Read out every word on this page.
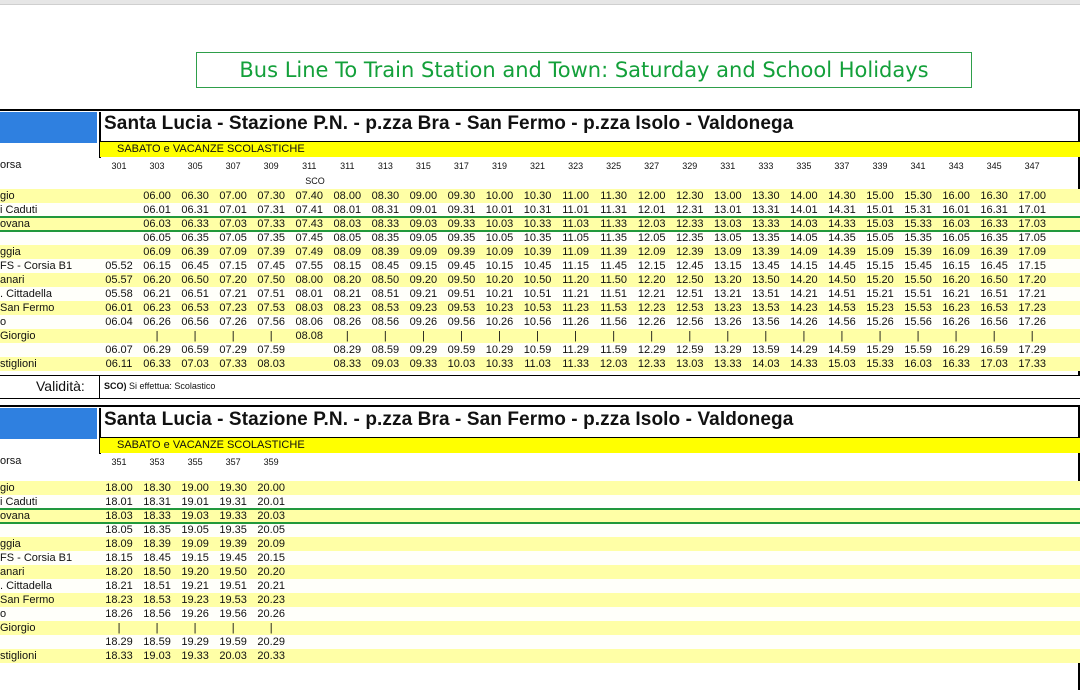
Bus Line To Train Station and Town: Saturday and School Holidays
Santa Lucia - Stazione P.N. - p.zza Bra - San Fermo - p.zza Isolo - Valdonega
SABATO e VACANZE SCOLASTICHE
orsa
SCO
301	303	305	307	309	311	311	313	315	317	319	321	323	325	327	329	331	333	335	337	339	341	343	345	347
gio	06.00 06.30 07.00 07.30 07.40 08.00 08.30 09.00 09.30 10.00 10.30 11.00	11.30 12.00 12.30 13.00 13.30 14.00 14.30 15.00 15.30 16.00 16.30 17.00
i Caduti	06.01 06.31 07.01 07.31 07.41 08.01 08.31 09.01 09.31 10.01 10.31 11.01	11.31 12.01 12.31 13.01 13.31 14.01 14.31 15.01 15.31 16.01 16.31 17.01
ovana	06.03 06.33 07.03 07.33 07.43 08.03 08.33 09.03 09.33 10.03 10.33 11.03	11.33 12.03 12.33 13.03 13.33 14.03 14.33 15.03 15.33 16.03 16.33 17.03
06.05 06.35 07.05 07.35 07.45 08.05 08.35 09.05 09.35 10.05 10.35 11.05	11.35 12.05 12.35 13.05 13.35 14.05 14.35 15.05 15.35 16.05 16.35 17.05
ggia	06.09 06.39 07.09 07.39 07.49 08.09 08.39 09.09 09.39 10.09 10.39 11.09	11.39 12.09 12.39 13.09 13.39 14.09 14.39 15.09 15.39 16.09 16.39 17.09
FS - Corsia B1	05.52 06.15 06.45 07.15 07.45 07.55 08.15 08.45 09.15 09.45 10.15 10.45 11.15	11.45 12.15 12.45 13.15 13.45 14.15 14.45 15.15 15.45 16.15 16.45 17.15
anari	05.57 06.20 06.50 07.20 07.50 08.00 08.20 08.50 09.20 09.50 10.20 10.50 11.20	11.50 12.20 12.50 13.20 13.50 14.20 14.50 15.20 15.50 16.20 16.50 17.20
. Cittadella	05.58 06.21 06.51 07.21 07.51 08.01 08.21 08.51 09.21 09.51 10.21 10.51 11.21	11.51 12.21 12.51 13.21 13.51 14.21 14.51 15.21 15.51 16.21 16.51 17.21
San Fermo	06.01 06.23 06.53 07.23 07.53 08.03 08.23 08.53 09.23 09.53 10.23 10.53 11.23	11.53 12.23 12.53 13.23 13.53 14.23 14.53 15.23 15.53 16.23 16.53 17.23
o	06.04 06.26 06.56 07.26 07.56 08.06 08.26 08.56 09.26 09.56 10.26 10.56 11.26	11.56 12.26 12.56 13.26 13.56 14.26 14.56 15.26 15.56 16.26 16.56 17.26
Giorgio	|	|	|	|	08.08	|	|	|	|	|	|	|	|	|	|	|	|	|	|	|	|	|	|	|
06.07 06.29 06.59 07.29 07.59	08.29 08.59 09.29 09.59 10.29 10.59 11.29	11.59 12.29 12.59 13.29 13.59 14.29 14.59 15.29 15.59 16.29 16.59 17.29
stiglioni	06.11 06.33 07.03 07.33 08.03	08.33 09.03 09.33 10.03 10.33 11.03	11.33 12.03 12.33 13.03 13.33 14.03 14.33 15.03 15.33 16.03 16.33 17.03 17.33
Validità: SCO) Si effettua: Scolastico
Santa Lucia - Stazione P.N. - p.zza Bra - San Fermo - p.zza Isolo - Valdonega
SABATO e VACANZE SCOLASTICHE
orsa	351	353	355	357	359
gio	18.00 18.30 19.00 19.30 20.00
i Caduti	18.01 18.31 19.01 19.31 20.01
ovana	18.03 18.33 19.03 19.33 20.03
18.05 18.35 19.05 19.35 20.05
ggia	18.09 18.39 19.09 19.39 20.09
FS - Corsia B1	18.15 18.45 19.15 19.45 20.15
anari	18.20 18.50 19.20 19.50 20.20
. Cittadella	18.21 18.51 19.21 19.51 20.21
San Fermo	18.23 18.53 19.23 19.53 20.23
o	18.26 18.56 19.26 19.56 20.26
Giorgio	|	|	|	|	|
18.29 18.59 19.29 19.59 20.29
stiglioni	18.33 19.03 19.33 20.03 20.33
